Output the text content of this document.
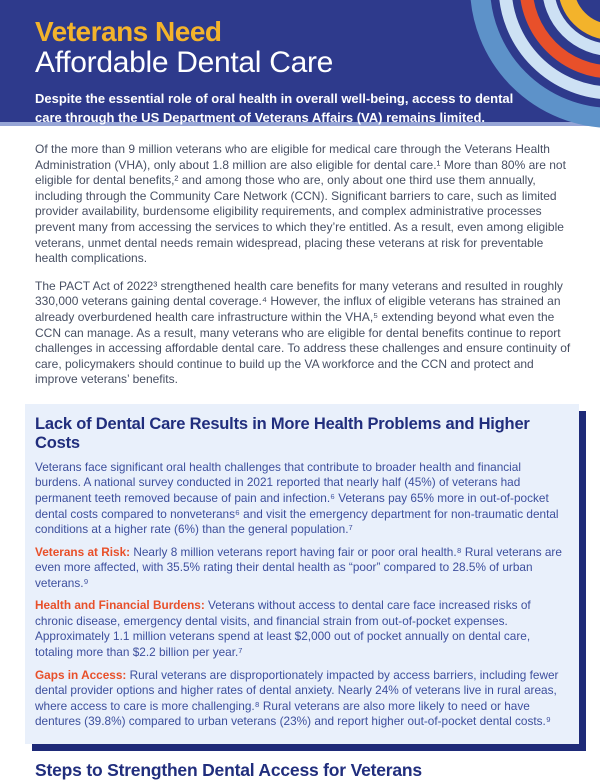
Veterans Need
Affordable Dental Care
Despite the essential role of oral health in overall well-being, access to dental care through the US Department of Veterans Affairs (VA) remains limited.

Of the more than 9 million veterans who are eligible for medical care through the Veterans Health Administration (VHA), only about 1.8 million are also eligible for dental care.¹ More than 80% are not eligible for dental benefits,² and among those who are, only about one third use them annually, including through the Community Care Network (CCN). Significant barriers to care, such as limited provider availability, burdensome eligibility requirements, and complex administrative processes prevent many from accessing the services to which they’re entitled. As a result, even among eligible veterans, unmet dental needs remain widespread, placing these veterans at risk for preventable health complications.

The PACT Act of 2022³ strengthened health care benefits for many veterans and resulted in roughly 330,000 veterans gaining dental coverage.⁴ However, the influx of eligible veterans has strained an already overburdened health care infrastructure within the VHA,⁵ extending beyond what even the CCN can manage. As a result, many veterans who are eligible for dental benefits continue to report challenges in accessing affordable dental care. To address these challenges and ensure continuity of care, policymakers should continue to build up the VA workforce and the CCN and protect and improve veterans’ benefits.

Lack of Dental Care Results in More Health Problems and Higher Costs

Veterans face significant oral health challenges that contribute to broader health and financial burdens. A national survey conducted in 2021 reported that nearly half (45%) of veterans had permanent teeth removed because of pain and infection.⁶ Veterans pay 65% more in out-of-pocket dental costs compared to nonveterans⁶ and visit the emergency department for non-traumatic dental conditions at a higher rate (6%) than the general population.⁷

Veterans at Risk: Nearly 8 million veterans report having fair or poor oral health.⁸ Rural veterans are even more affected, with 35.5% rating their dental health as “poor” compared to 28.5% of urban veterans.⁹

Health and Financial Burdens: Veterans without access to dental care face increased risks of chronic disease, emergency dental visits, and financial strain from out-of-pocket expenses. Approximately 1.1 million veterans spend at least $2,000 out of pocket annually on dental care, totaling more than $2.2 billion per year.⁷

Gaps in Access: Rural veterans are disproportionately impacted by access barriers, including fewer dental provider options and higher rates of dental anxiety. Nearly 24% of veterans live in rural areas, where access to care is more challenging.⁸ Rural veterans are also more likely to need or have dentures (39.8%) compared to urban veterans (23%) and report higher out-of-pocket dental costs.⁹

Steps to Strengthen Dental Access for Veterans
